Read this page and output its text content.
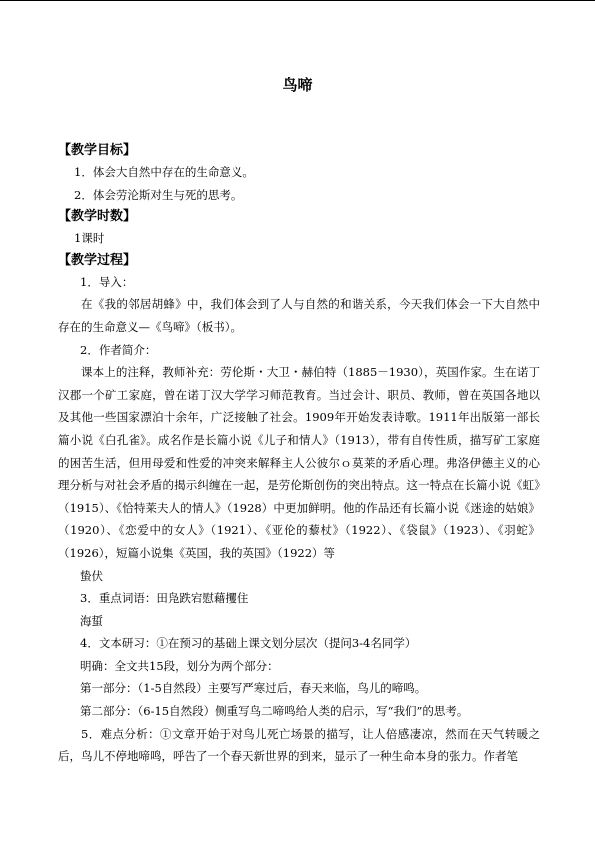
鸟啼

【教学目标】

1．体会大自然中存在的生命意义。

2．体会劳沦斯对生与死的思考。

【教学时数】

1课时

【教学过程】

1．导入：

在《我的邻居胡蜂》中，我们体会到了人与自然的和谐关系，今天我们体会一下大自然中存在的生命意义—《鸟啼》（板书）。

2．作者简介：

课本上的注释，教师补充：劳伦斯・大卫・赫伯特（1885－1930），英国作家。生在诺丁汉郡一个矿工家庭，曾在诺丁汉大学学习师范教育。当过会计、职员、教师，曾在英国各地以及其他一些国家漂泊十余年，广泛接触了社会。1909年开始发表诗歌。1911年出版第一部长篇小说《白孔雀》。成名作是长篇小说《儿子和情人》（1913），带有自传性质，描写矿工家庭的困苦生活，但用母爱和性爱的冲突来解释主人公彼尔ｏ莫莱的矛盾心理。弗洛伊德主义的心理分析与对社会矛盾的揭示纠缠在一起，是劳伦斯创伤的突出特点。这一特点在长篇小说《虹》（1915）、《恰特莱夫人的情人》（1928）中更加鲜明。他的作品还有长篇小说《迷途的姑娘》（1920）、《恋爱中的女人》（1921）、《亚伦的藜杖》（1922）、《袋鼠》（1923）、《羽蛇》（1926），短篇小说集《英国，我的英国》（1922）等

蛰伏

3．重点词语：田凫跌宕慰藉攫住

海蜇

4．文本研习：①在预习的基础上课文划分层次（提问3-4名同学）

明确：全文共15段，划分为两个部分：

第一部分：（1-5自然段）主要写严寒过后，春天来临，鸟儿的啼鸣。

第二部分：（6-15自然段）侧重写鸟二啼鸣给人类的启示，写“我们”的思考。

5．难点分析：①文章开始于对鸟儿死亡场景的描写，让人倍感凄凉，然而在天气转暖之后，鸟儿不停地啼鸣，呼告了一个春天新世界的到来，显示了一种生命本身的张力。作者笔
